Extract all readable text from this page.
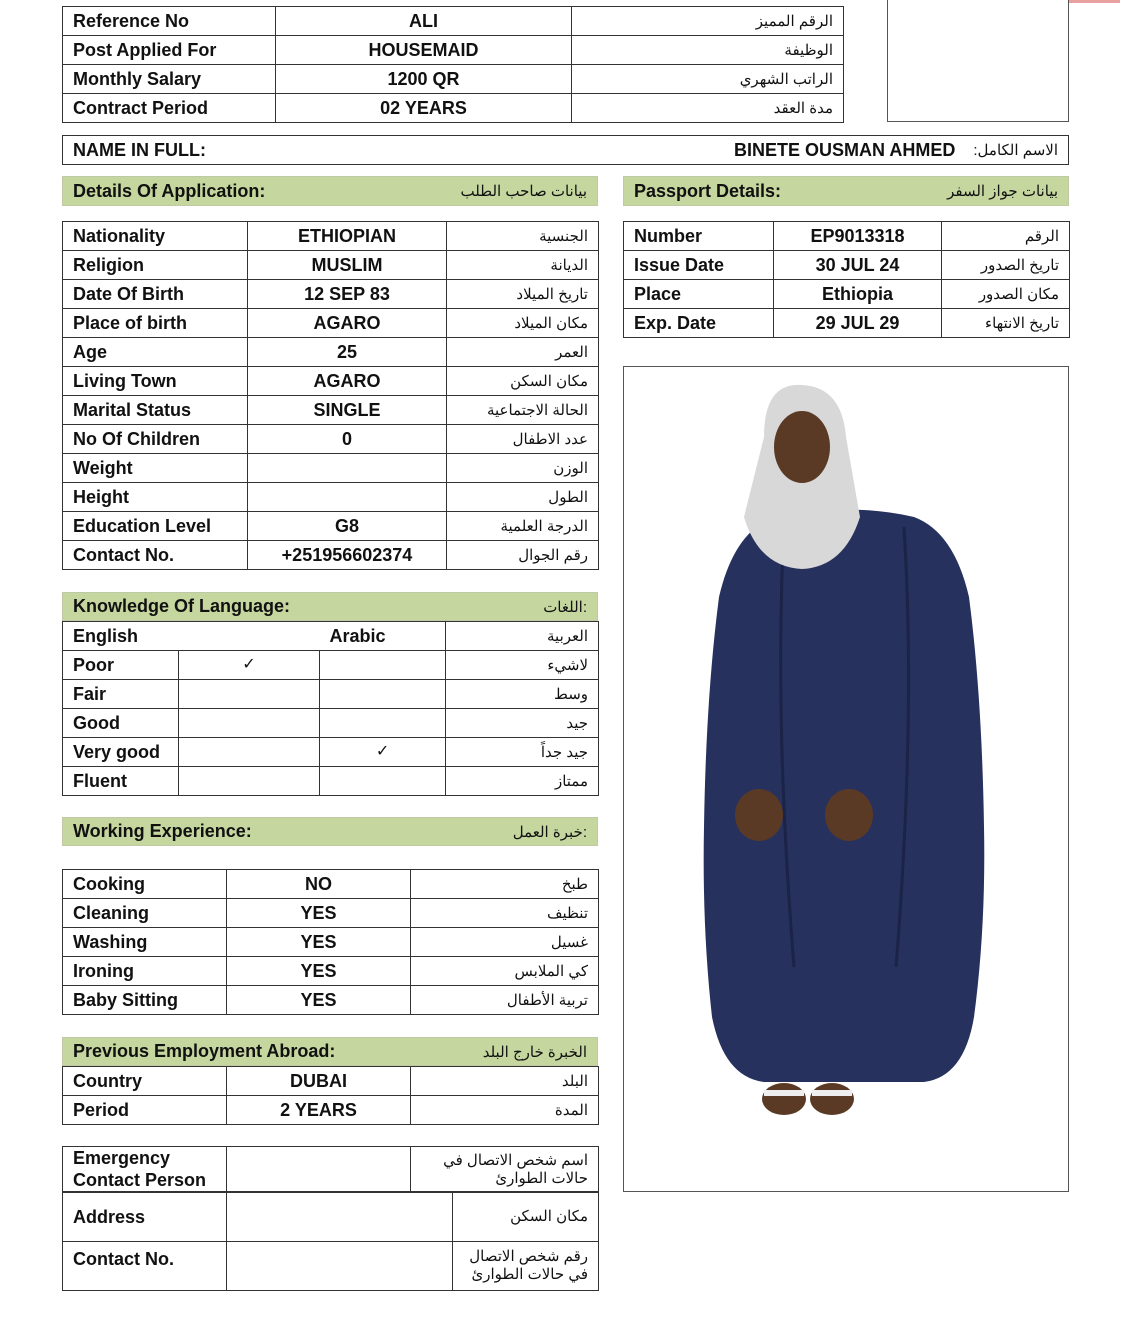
Reference No	ALI	الرقم المميز
Post Applied For	HOUSEMAID	الوظيفة
Monthly Salary	1200 QR	الراتب الشهري
Contract Period	02 YEARS	مدة العقد
NAME IN FULL:	BINETE OUSMAN AHMED الاسم الكامل:
Details Of Application:	بيانات صاحب الطلب	Passport Details:	بيانات جواز السفر
Nationality	ETHIOPIAN	الجنسية
Religion	MUSLIM	الديانة
Date Of Birth	12 SEP 83	تاريخ الميلاد
Place of birth	AGARO	مكان الميلاد
Age	25	العمر
Living Town	AGARO	مكان السكن
Marital Status	SINGLE	الحالة الاجتماعية
No Of Children	0	عدد الاطفال
Weight		الوزن
Height		الطول
Education Level	G8	الدرجة العلمية
Contact No.	+251956602374	رقم الجوال
Number	EP9013318	الرقم
Issue Date	30 JUL 24	تاريخ الصدور
Place	Ethiopia	مكان الصدور
Exp. Date	29 JUL 29	تاريخ الانتهاء
Knowledge Of Language:	:اللغات
English		Arabic	العربية
Poor	✓		لاشيء
Fair			وسط
Good			جيد
Very good		✓	جيد جداً
Fluent			ممتاز
Working Experience:	:خبرة العمل
Cooking	NO	طبخ
Cleaning	YES	تنظيف
Washing	YES	غسيل
Ironing	YES	كي الملابس
Baby Sitting	YES	تربية الأطفال
Previous Employment Abroad:	الخبرة خارج البلد
Country	DUBAI	البلد
Period	2 YEARS	المدة
Emergency Contact Person		اسم شخص الاتصال في حالات الطوارئ
Address		مكان السكن
Contact No.		رقم شخص الاتصال في حالات الطوارئ
